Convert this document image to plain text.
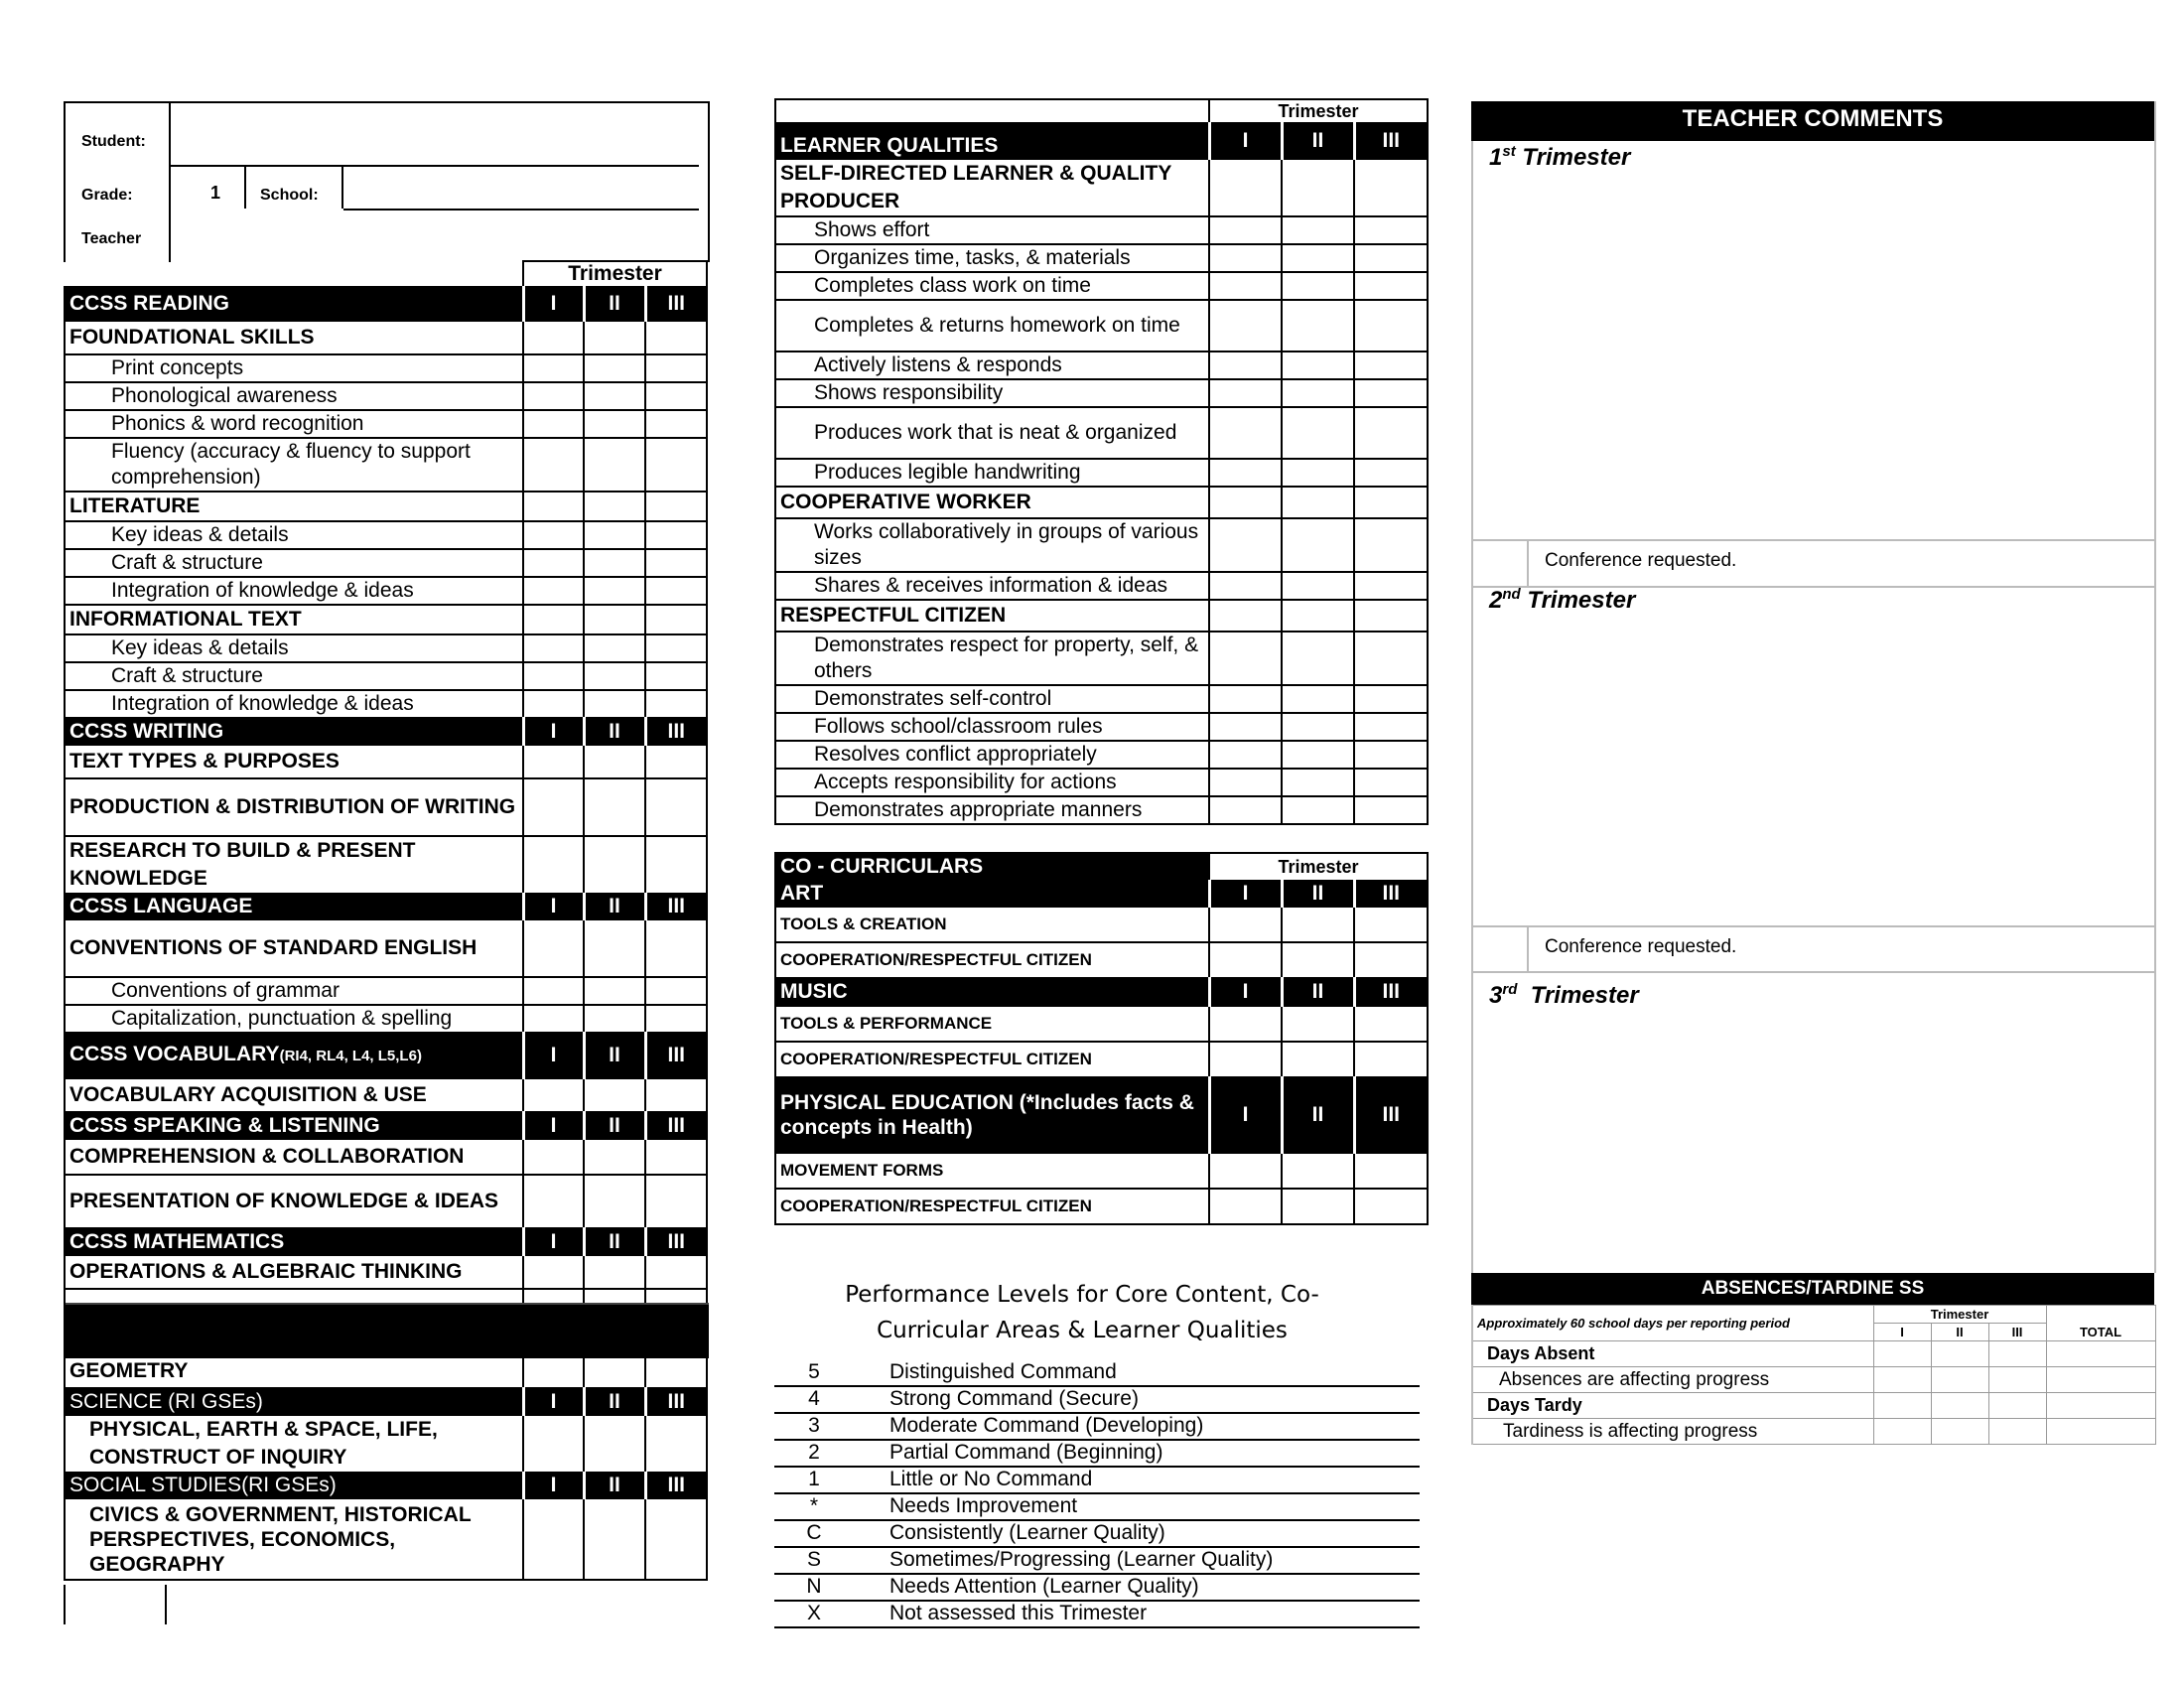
Student:
Grade:	1 School:
Teacher
	Trimester		
CCSS READING	I	II	III
FOUNDATIONAL SKILLS			
Print concepts			
Phonological awareness			
Phonics & word recognition			
Fluency (accuracy & fluency to support comprehension)			
LITERATURE			
Key ideas & details			
Craft & structure			
Integration of knowledge & ideas			
INFORMATIONAL TEXT			
Key ideas & details			
Craft & structure			
Integration of knowledge & ideas			
CCSS WRITING	I	II	III
TEXT TYPES & PURPOSES			
PRODUCTION & DISTRIBUTION OF WRITING			
RESEARCH TO BUILD & PRESENT KNOWLEDGE			
CCSS LANGUAGE	I	II	III
CONVENTIONS OF STANDARD ENGLISH			
Conventions of grammar			
Capitalization, punctuation & spelling			
CCSS VOCABULARY(RI4, RL4, L4, L5,L6)	I	II	III
VOCABULARY ACQUISITION & USE			
CCSS SPEAKING & LISTENING	I	II	III
COMPREHENSION & COLLABORATION			
PRESENTATION OF KNOWLEDGE & IDEAS			
CCSS MATHEMATICS	I	II	III
OPERATIONS & ALGEBRAIC THINKING			
GEOMETRY			
SCIENCE (RI GSEs)	I	II	III
PHYSICAL, EARTH & SPACE, LIFE, CONSTRUCT OF INQUIRY			
SOCIAL STUDIES(RI GSEs)	I	II	III
CIVICS & GOVERNMENT, HISTORICAL PERSPECTIVES, ECONOMICS, GEOGRAPHY			
	Trimester		
LEARNER QUALITIES	I	II	III
SELF-DIRECTED LEARNER & QUALITY PRODUCER			
Shows effort			
Organizes time, tasks, & materials			
Completes class work on time			
Completes & returns homework on time			
Actively listens & responds			
Shows responsibility			
Produces work that is neat & organized			
Produces legible handwriting			
COOPERATIVE WORKER			
Works collaboratively in groups of various sizes			
Shares & receives information & ideas			
RESPECTFUL CITIZEN			
Demonstrates respect for property, self, & others			
Demonstrates self-control			
Follows school/classroom rules			
Resolves conflict appropriately			
Accepts responsibility for actions			
Demonstrates appropriate manners			
CO - CURRICULARS	Trimester		
ART	I	II	III
TOOLS & CREATION			
COOPERATION/RESPECTFUL CITIZEN			
MUSIC	I	II	III
TOOLS & PERFORMANCE			
COOPERATION/RESPECTFUL CITIZEN			
PHYSICAL EDUCATION (*Includes facts & concepts in Health)	I	II	III
MOVEMENT FORMS			
COOPERATION/RESPECTFUL CITIZEN			
Performance Levels for Core Content, Co-Curricular Areas & Learner Qualities
5	Distinguished Command
4	Strong Command (Secure)
3	Moderate Command (Developing)
2	Partial Command (Beginning)
1	Little or No Command
*	Needs Improvement
C	Consistently (Learner Quality)
S	Sometimes/Progressing (Learner Quality)
N	Needs Attention (Learner Quality)
X	Not assessed this Trimester
TEACHER COMMENTS
1st Trimester
Conference requested.
2nd Trimester
Conference requested.
3rd Trimester
ABSENCES/TARDINE SS
Approximately 60 school days per reporting period	Trimester			
	I	II	III	TOTAL
Days Absent				
Absences are affecting progress				
Days Tardy				
Tardiness is affecting progress				
